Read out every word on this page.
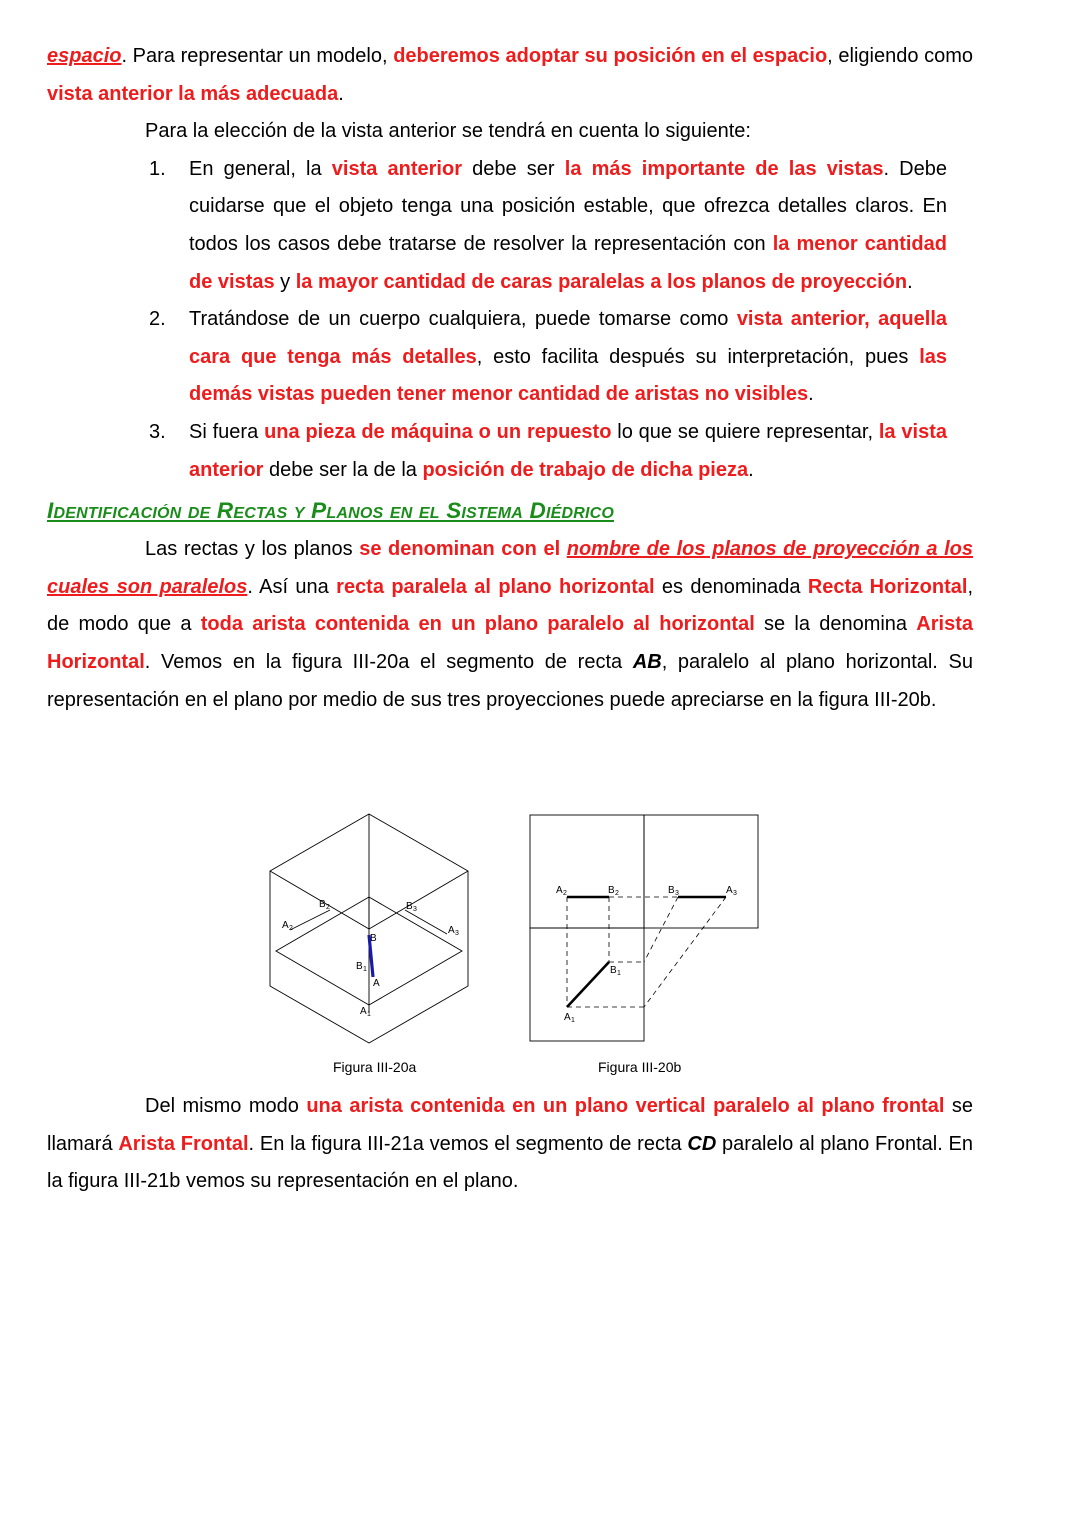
espacio. Para representar un modelo, deberemos adoptar su posición en el espacio, eligiendo como vista anterior la más adecuada.

Para la elección de la vista anterior se tendrá en cuenta lo siguiente:

1. En general, la vista anterior debe ser la más importante de las vistas. Debe cuidarse que el objeto tenga una posición estable, que ofrezca detalles claros. En todos los casos debe tratarse de resolver la representación con la menor cantidad de vistas y la mayor cantidad de caras paralelas a los planos de proyección.
2. Tratándose de un cuerpo cualquiera, puede tomarse como vista anterior, aquella cara que tenga más detalles, esto facilita después su interpretación, pues las demás vistas pueden tener menor cantidad de aristas no visibles.
3. Si fuera una pieza de máquina o un repuesto lo que se quiere representar, la vista anterior debe ser la de la posición de trabajo de dicha pieza.
Identificación de Rectas y Planos en el Sistema Diédrico

Las rectas y los planos se denominan con el nombre de los planos de proyección a los cuales son paralelos. Así una recta paralela al plano horizontal es denominada Recta Horizontal, de modo que a toda arista contenida en un plano paralelo al horizontal se la denomina Arista Horizontal. Vemos en la figura III-20a el segmento de recta AB, paralelo al plano horizontal. Su representación en el plano por medio de sus tres proyecciones puede apreciarse en la figura III-20b.

B
A
B 1
A 1
A 2
B 2	B 3
A 3
A 2	B 2	B 3	A 3
B 1
A 1
Figura III-20a	Figura III-20b

Del mismo modo una arista contenida en un plano vertical paralelo al plano frontal se llamará Arista Frontal. En la figura III-21a vemos el segmento de recta CD paralelo al plano Frontal. En la figura III-21b vemos su representación en el plano.
